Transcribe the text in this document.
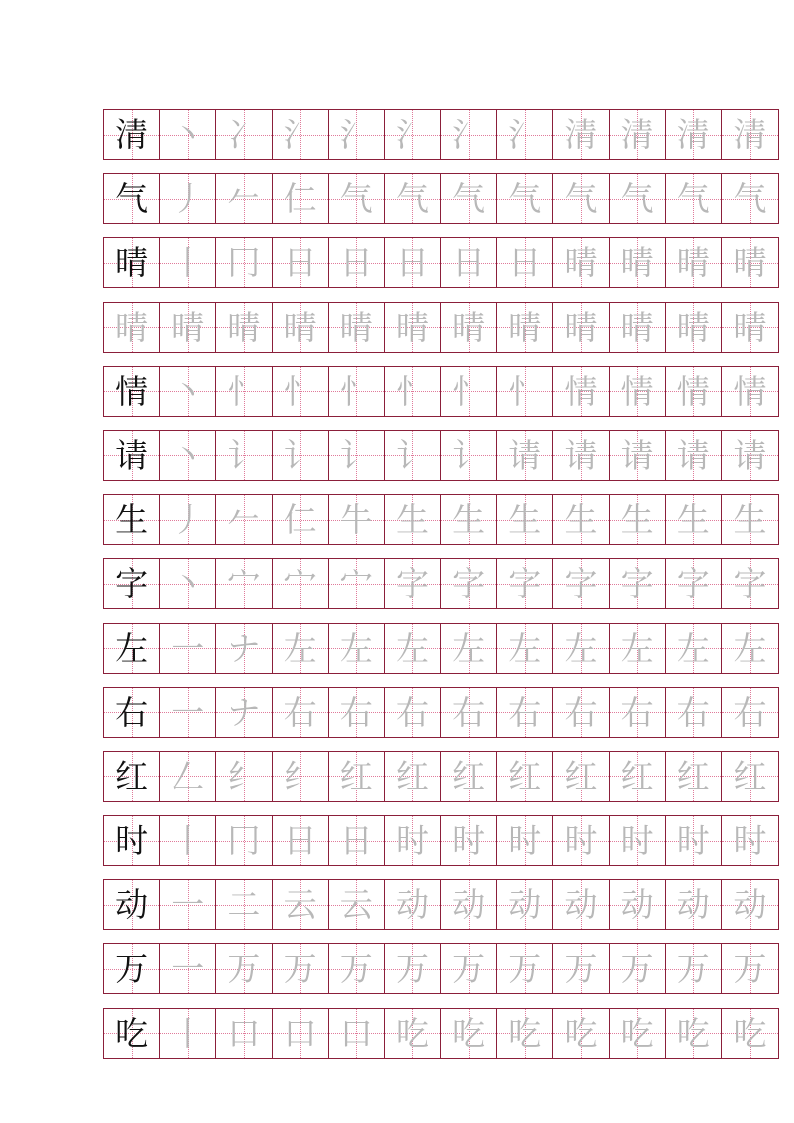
清 丶 冫 氵 氵 氵 氵 氵 清 清 清 清
气 丿 𠂉 仁 气 气 气 气 气 气 气 气
晴 丨 冂 日 日 日 日 日 晴 晴 晴 晴
晴 晴 晴 晴 晴 晴 晴 晴 晴 晴 晴 晴
情 丶 忄 忄 忄 忄 忄 忄 情 情 情 情
请 丶 讠 讠 讠 讠 讠 请 请 请 请 请
生 丿 𠂉 仁 牛 生 生 生 生 生 生 生
字 丶 宀 宀 宀 字 字 字 字 字 字 字
左 一 ナ 左 左 左 左 左 左 左 左 左
右 一 ナ 右 右 右 右 右 右 右 右 右
红 𠃋 纟 纟 红 红 红 红 红 红 红 红
时 丨 冂 日 日 时 时 时 时 时 时 时
动 一 二 云 云 动 动 动 动 动 动 动
万 一 万 万 万 万 万 万 万 万 万 万
吃 丨 口 口 口 吃 吃 吃 吃 吃 吃 吃
